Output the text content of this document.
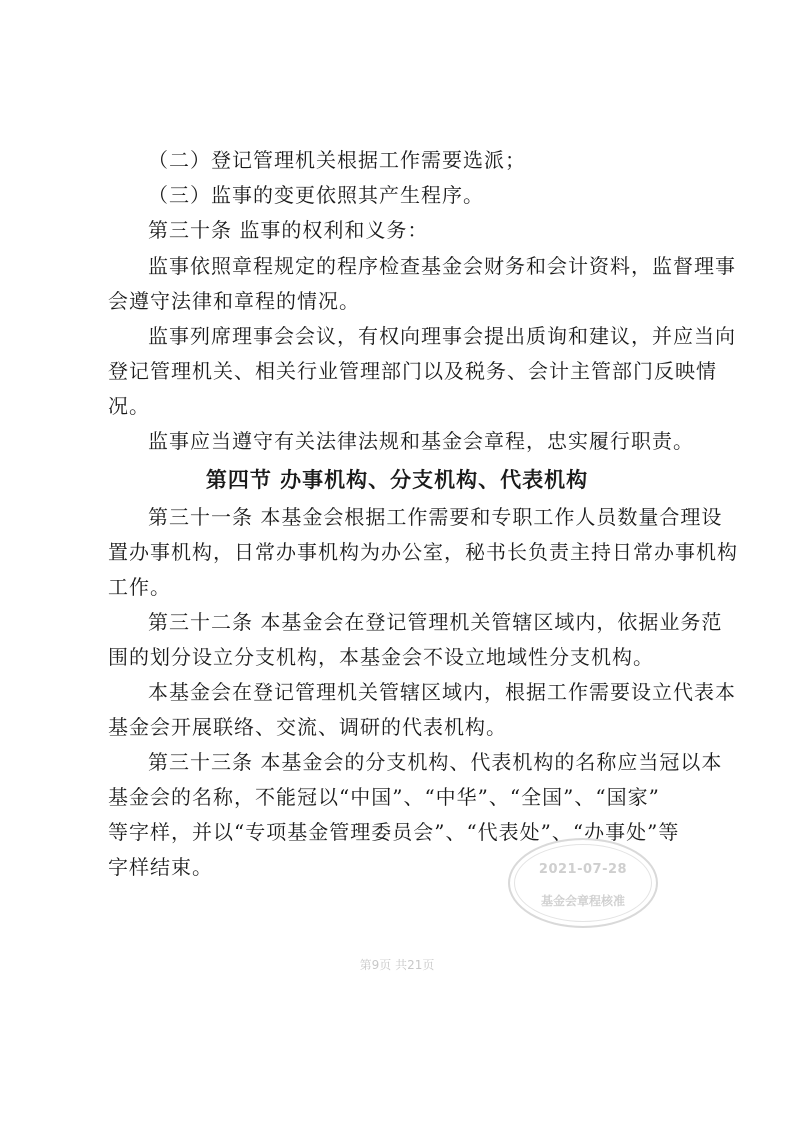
（二）登记管理机关根据工作需要选派；
（三）监事的变更依照其产生程序。
第三十条 监事的权利和义务：
监事依照章程规定的程序检查基金会财务和会计资料，监督理事
会遵守法律和章程的情况。
监事列席理事会会议，有权向理事会提出质询和建议，并应当向
登记管理机关、相关行业管理部门以及税务、会计主管部门反映情
况。
监事应当遵守有关法律法规和基金会章程，忠实履行职责。
第四节 办事机构、分支机构、代表机构
第三十一条 本基金会根据工作需要和专职工作人员数量合理设
置办事机构，日常办事机构为办公室，秘书长负责主持日常办事机构
工作。
第三十二条 本基金会在登记管理机关管辖区域内，依据业务范
围的划分设立分支机构，本基金会不设立地域性分支机构。
本基金会在登记管理机关管辖区域内，根据工作需要设立代表本
基金会开展联络、交流、调研的代表机构。
第三十三条 本基金会的分支机构、代表机构的名称应当冠以本
基金会的名称，不能冠以“中国”、“中华”、“全国”、“国家”
等字样，并以“专项基金管理委员会”、“代表处”、“办事处”等
字样结束。	2021-07-28
基金会章程核准
第9页 共21页
